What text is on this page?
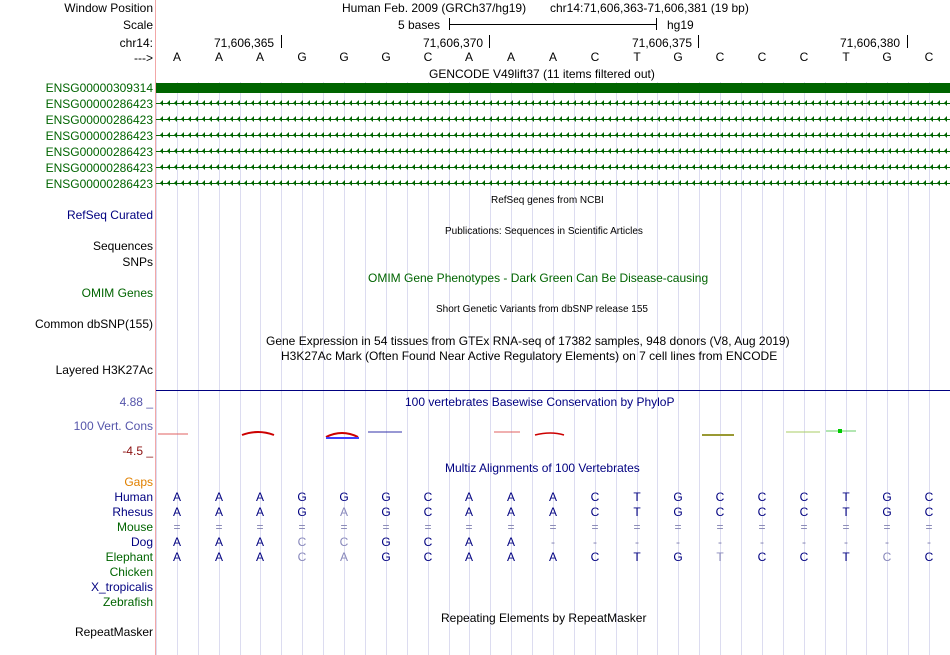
Window Position	Human Feb. 2009 (GRCh37/hg19) chr14:71,606,363-71,606,381 (19 bp)
Scale	5 bases	hg19
chr14:	71,606,365	71,606,370	71,606,375	71,606,380
--->	A	A	A	G	G	G	C	A	A	A	C	T	G	C	C	C	T	G	C
GENCODE V49lift37 (11 items filtered out)
ENSG00000309314
ENSG00000286423
ENSG00000286423
ENSG00000286423
ENSG00000286423
ENSG00000286423
ENSG00000286423
RefSeq genes from NCBI
RefSeq Curated
Publications: Sequences in Scientific Articles
Sequences
SNPs
OMIM Gene Phenotypes - Dark Green Can Be Disease-causing
OMIM Genes
Short Genetic Variants from dbSNP release 155
Common dbSNP(155)
Gene Expression in 54 tissues from GTEx RNA-seq of 17382 samples, 948 donors (V8, Aug 2019)
H3K27Ac Mark (Often Found Near Active Regulatory Elements) on 7 cell lines from ENCODE
Layered H3K27Ac
100 vertebrates Basewise Conservation by PhyloP
4.88 _
100 Vert. Cons
-4.5 _
Multiz Alignments of 100 Vertebrates
Gaps
Human	A	A	A	G	G	G	C	A	A	A	C	T	G	C	C	C	T	G	C
Rhesus	A	A	A	G	A	G	C	A	A	A	C	T	G	C	C	C	T	G	C
Mouse	=	=	=	=	=	=	=	=	=	=	=	=	=	=	=	=	=	=	=
Dog	A	A	A	C	C	G	C	A	A	-	-	-	-	-	-	-	-	-	-
Elephant	A	A	A	C	A	G	C	A	A	A	C	T	G	T	C	C	T	C	C
Chicken
X_tropicalis
Zebrafish
Repeating Elements by RepeatMasker
RepeatMasker
